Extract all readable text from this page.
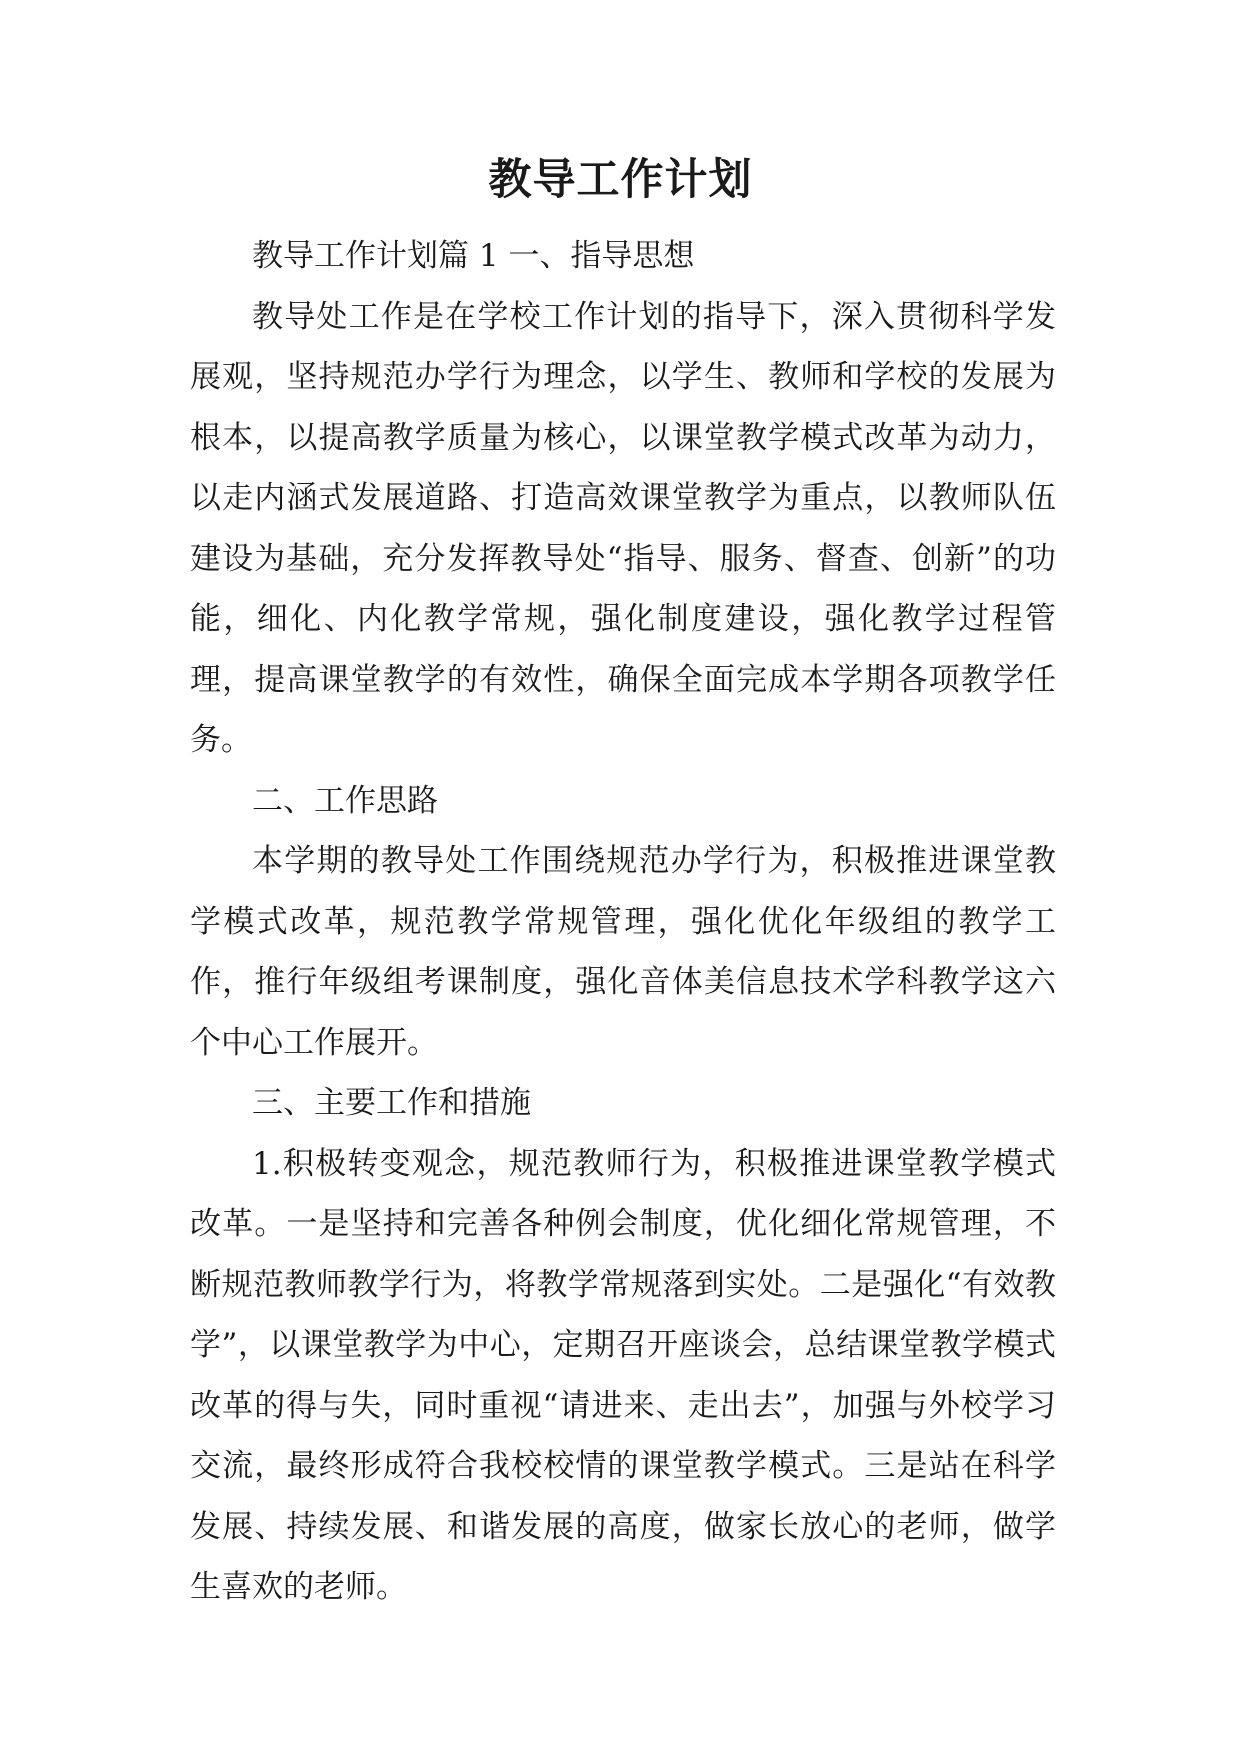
教导工作计划

教导工作计划篇 1 一、指导思想

教导处工作是在学校工作计划的指导下，深入贯彻科学发展观，坚持规范办学行为理念，以学生、教师和学校的发展为根本，以提高教学质量为核心，以课堂教学模式改革为动力，以走内涵式发展道路、打造高效课堂教学为重点，以教师队伍建设为基础，充分发挥教导处“指导、服务、督查、创新”的功能，细化、内化教学常规，强化制度建设，强化教学过程管理，提高课堂教学的有效性，确保全面完成本学期各项教学任务。

二、工作思路

本学期的教导处工作围绕规范办学行为，积极推进课堂教学模式改革，规范教学常规管理，强化优化年级组的教学工作，推行年级组考课制度，强化音体美信息技术学科教学这六个中心工作展开。

三、主要工作和措施

1.积极转变观念，规范教师行为，积极推进课堂教学模式改革。一是坚持和完善各种例会制度，优化细化常规管理，不断规范教师教学行为，将教学常规落到实处。二是强化“有效教学”，以课堂教学为中心，定期召开座谈会，总结课堂教学模式改革的得与失，同时重视“请进来、走出去”，加强与外校学习交流，最终形成符合我校校情的课堂教学模式。三是站在科学发展、持续发展、和谐发展的高度，做家长放心的老师，做学生喜欢的老师。
